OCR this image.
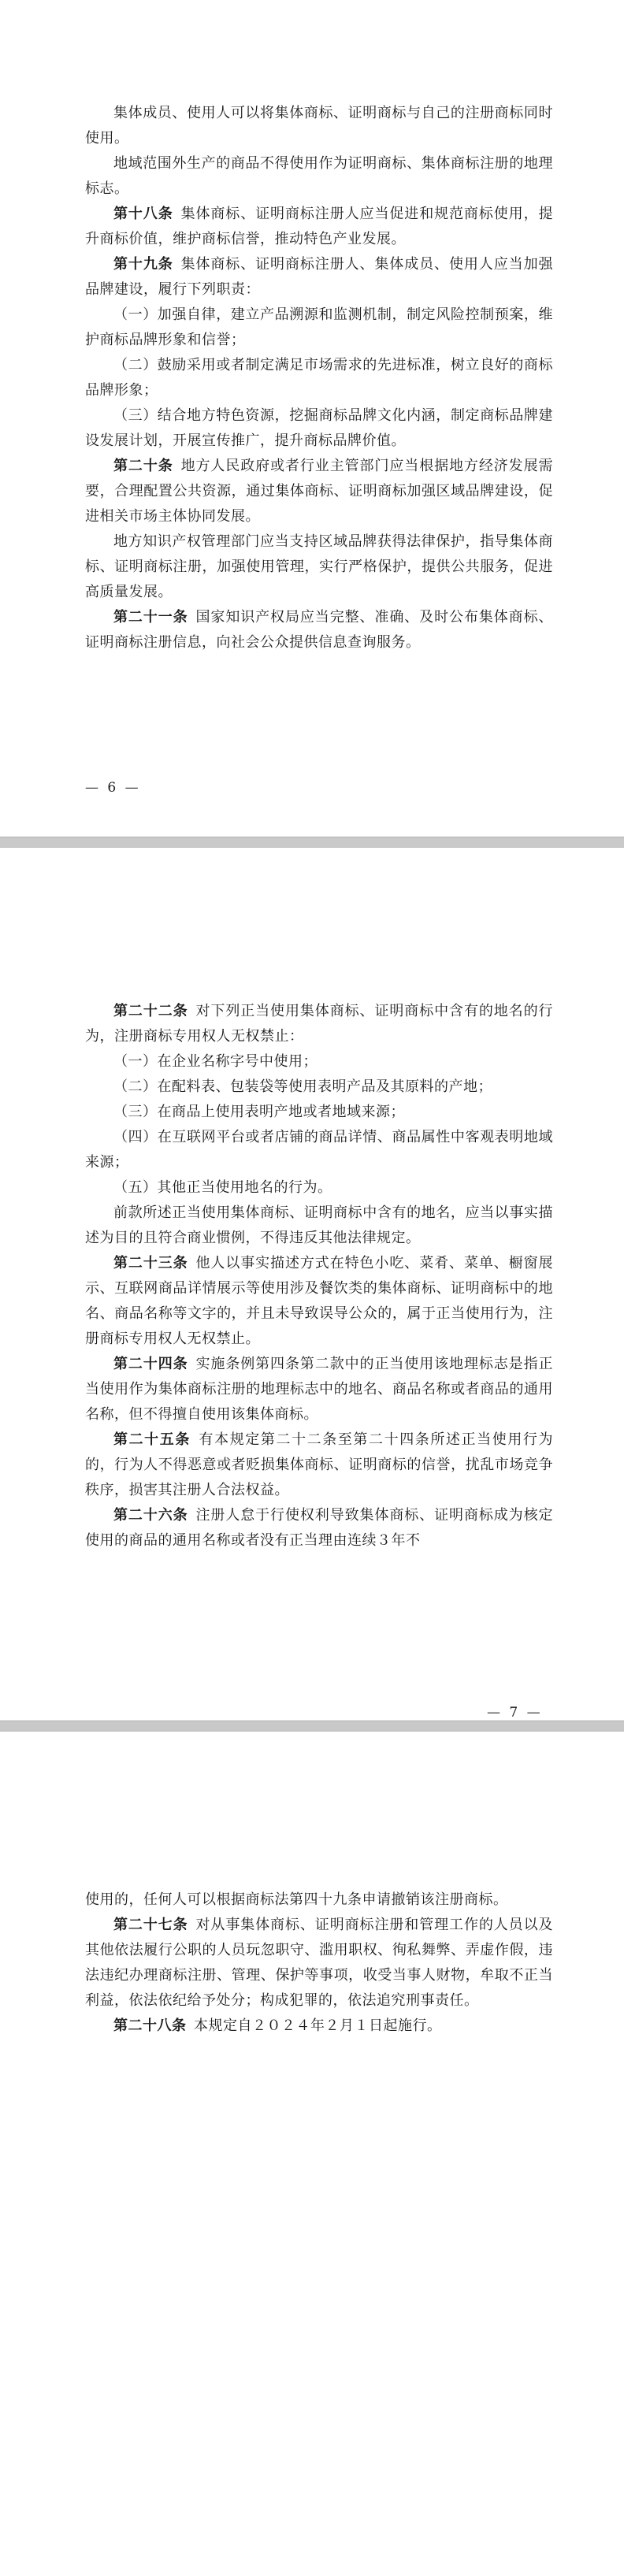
集体成员、使用人可以将集体商标、证明商标与自己的注册商标同时使用。

地域范围外生产的商品不得使用作为证明商标、集体商标注册的地理标志。

第十八条  集体商标、证明商标注册人应当促进和规范商标使用，提升商标价值，维护商标信誉，推动特色产业发展。

第十九条  集体商标、证明商标注册人、集体成员、使用人应当加强品牌建设，履行下列职责：

（一）加强自律，建立产品溯源和监测机制，制定风险控制预案，维护商标品牌形象和信誉；

（二）鼓励采用或者制定满足市场需求的先进标准，树立良好的商标品牌形象；

（三）结合地方特色资源，挖掘商标品牌文化内涵，制定商标品牌建设发展计划，开展宣传推广，提升商标品牌价值。

第二十条  地方人民政府或者行业主管部门应当根据地方经济发展需要，合理配置公共资源，通过集体商标、证明商标加强区域品牌建设，促进相关市场主体协同发展。

地方知识产权管理部门应当支持区域品牌获得法律保护，指导集体商标、证明商标注册，加强使用管理，实行严格保护，提供公共服务，促进高质量发展。

第二十一条  国家知识产权局应当完整、准确、及时公布集体商标、证明商标注册信息，向社会公众提供信息查询服务。

— 6 —

第二十二条  对下列正当使用集体商标、证明商标中含有的地名的行为，注册商标专用权人无权禁止：

（一）在企业名称字号中使用；

（二）在配料表、包装袋等使用表明产品及其原料的产地；

（三）在商品上使用表明产地或者地域来源；

（四）在互联网平台或者店铺的商品详情、商品属性中客观表明地域来源；

（五）其他正当使用地名的行为。

前款所述正当使用集体商标、证明商标中含有的地名，应当以事实描述为目的且符合商业惯例，不得违反其他法律规定。

第二十三条  他人以事实描述方式在特色小吃、菜肴、菜单、橱窗展示、互联网商品详情展示等使用涉及餐饮类的集体商标、证明商标中的地名、商品名称等文字的，并且未导致误导公众的，属于正当使用行为，注册商标专用权人无权禁止。

第二十四条  实施条例第四条第二款中的正当使用该地理标志是指正当使用作为集体商标注册的地理标志中的地名、商品名称或者商品的通用名称，但不得擅自使用该集体商标。

第二十五条  有本规定第二十二条至第二十四条所述正当使用行为的，行为人不得恶意或者贬损集体商标、证明商标的信誉，扰乱市场竞争秩序，损害其注册人合法权益。

第二十六条  注册人怠于行使权利导致集体商标、证明商标成为核定使用的商品的通用名称或者没有正当理由连续３年不

— 7 —

使用的，任何人可以根据商标法第四十九条申请撤销该注册商标。

第二十七条  对从事集体商标、证明商标注册和管理工作的人员以及其他依法履行公职的人员玩忽职守、滥用职权、徇私舞弊、弄虚作假，违法违纪办理商标注册、管理、保护等事项，收受当事人财物，牟取不正当利益，依法依纪给予处分；构成犯罪的，依法追究刑事责任。

第二十八条  本规定自２０２４年２月１日起施行。
